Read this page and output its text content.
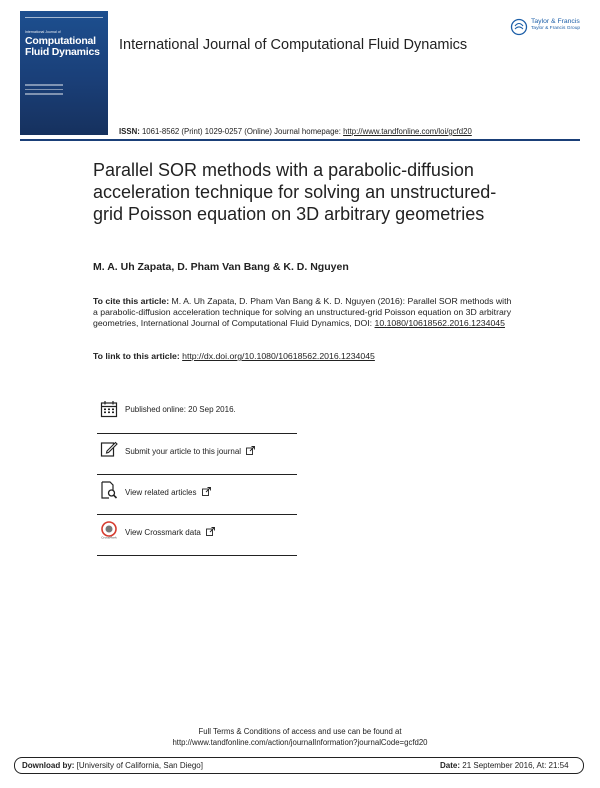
International Journal of
Computational
Fluid Dynamics International Journal of Computational Fluid Dynamics
Taylor & Francis
Taylor & Francis Group
ISSN: 1061-8562 (Print) 1029-0257 (Online) Journal homepage: http://www.tandfonline.com/loi/gcfd20
Parallel SOR methods with a parabolic-diffusion acceleration technique for solving an unstructured-grid Poisson equation on 3D arbitrary geometries
M. A. Uh Zapata, D. Pham Van Bang & K. D. Nguyen
To cite this article: M. A. Uh Zapata, D. Pham Van Bang & K. D. Nguyen (2016): Parallel SOR methods with a parabolic-diffusion acceleration technique for solving an unstructured-grid Poisson equation on 3D arbitrary geometries, International Journal of Computational Fluid Dynamics, DOI: 10.1080/10618562.2016.1234045
To link to this article: http://dx.doi.org/10.1080/10618562.2016.1234045
Published online: 20 Sep 2016.
Submit your article to this journal
View related articles
CrossMark
View Crossmark data
Full Terms & Conditions of access and use can be found at
http://www.tandfonline.com/action/journalInformation?journalCode=gcfd20
Download by: [University of California, San Diego]	Date: 21 September 2016, At: 21:54
